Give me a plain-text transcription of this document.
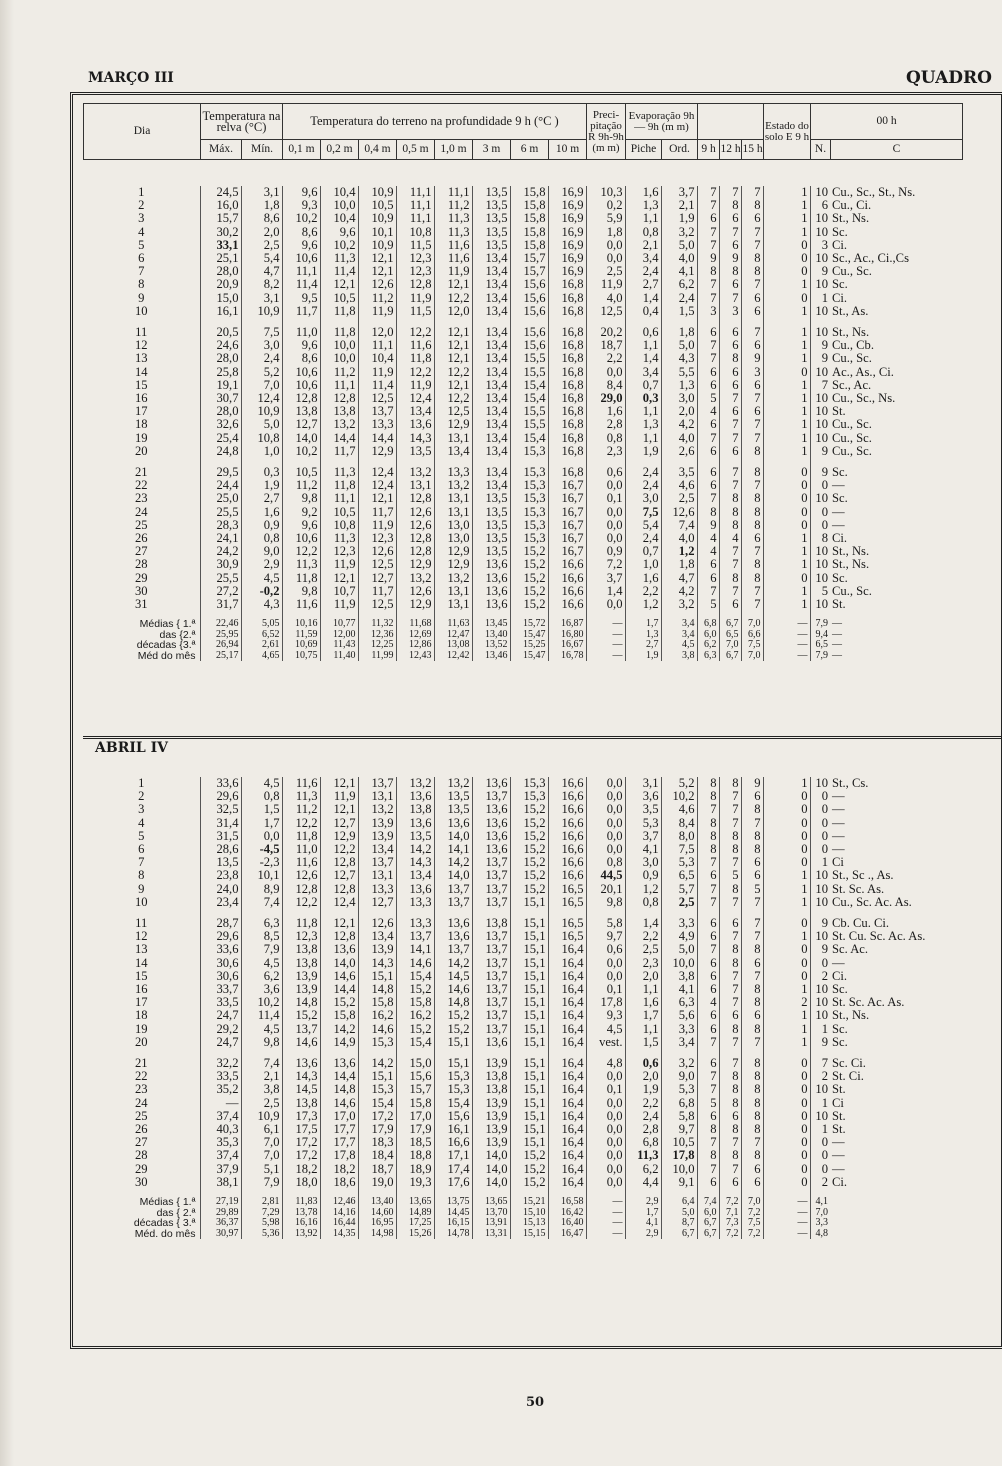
MARÇO III	QUADRO
Dia	Temperatura na relva (°C)		Temperatura do terreno na profundidade 9 h (°C )								Preci-pitação R 9h-9h (m m)	Evaporação 9h — 9h (m m)					Estado do solo E 9 h	00 h	
	Máx.	Mín.	0,1 m	0,2 m	0,4 m	0,5 m	1,0 m	3 m	6 m	10 m		Piche	Ord.	9 h	12 h	15 h		N.	C
1	24,5	3,1	9,6	10,4	10,9	11,1	11,1	13,5	15,8	16,9	10,3	1,6	3,7	7	7	7	1	10	Cu., Sc., St., Ns.
2	16,0	1,8	9,3	10,0	10,5	11,1	11,2	13,5	15,8	16,9	0,2	1,3	2,1	7	8	8	1	6	Cu., Ci.
3	15,7	8,6	10,2	10,4	10,9	11,1	11,3	13,5	15,8	16,9	5,9	1,1	1,9	6	6	6	1	10	St., Ns.
4	30,2	2,0	8,6	9,6	10,1	10,8	11,3	13,5	15,8	16,9	1,8	0,8	3,2	7	7	7	1	10	Sc.
5	33,1	2,5	9,6	10,2	10,9	11,5	11,6	13,5	15,8	16,9	0,0	2,1	5,0	7	6	7	0	3	Ci.
6	25,1	5,4	10,6	11,3	12,1	12,3	11,6	13,4	15,7	16,9	0,0	3,4	4,0	9	9	8	0	10	Sc., Ac., Ci.,Cs
7	28,0	4,7	11,1	11,4	12,1	12,3	11,9	13,4	15,7	16,9	2,5	2,4	4,1	8	8	8	0	9	Cu., Sc.
8	20,9	8,2	11,4	12,1	12,6	12,8	12,1	13,4	15,6	16,8	11,9	2,7	6,2	7	6	7	1	10	Sc.
9	15,0	3,1	9,5	10,5	11,2	11,9	12,2	13,4	15,6	16,8	4,0	1,4	2,4	7	7	6	0	1	Ci.
10	16,1	10,9	11,7	11,8	11,9	11,5	12,0	13,4	15,6	16,8	12,5	0,4	1,5	3	3	6	1	10	St., As.

11	20,5	7,5	11,0	11,8	12,0	12,2	12,1	13,4	15,6	16,8	20,2	0,6	1,8	6	6	7	1	10	St., Ns.
12	24,6	3,0	9,6	10,0	11,1	11,6	12,1	13,4	15,6	16,8	18,7	1,1	5,0	7	6	6	1	9	Cu., Cb.
13	28,0	2,4	8,6	10,0	10,4	11,8	12,1	13,4	15,5	16,8	2,2	1,4	4,3	7	8	9	1	9	Cu., Sc.
14	25,8	5,2	10,6	11,2	11,9	12,2	12,2	13,4	15,5	16,8	0,0	3,4	5,5	6	6	3	0	10	Ac., As., Ci.
15	19,1	7,0	10,6	11,1	11,4	11,9	12,1	13,4	15,4	16,8	8,4	0,7	1,3	6	6	6	1	7	Sc., Ac.
16	30,7	12,4	12,8	12,8	12,5	12,4	12,2	13,4	15,4	16,8	29,0	0,3	3,0	5	7	7	1	10	Cu., Sc., Ns.
17	28,0	10,9	13,8	13,8	13,7	13,4	12,5	13,4	15,5	16,8	1,6	1,1	2,0	4	6	6	1	10	St.
18	32,6	5,0	12,7	13,2	13,3	13,6	12,9	13,4	15,5	16,8	2,8	1,3	4,2	6	7	7	1	10	Cu., Sc.
19	25,4	10,8	14,0	14,4	14,4	14,3	13,1	13,4	15,4	16,8	0,8	1,1	4,0	7	7	7	1	10	Cu., Sc.
20	24,8	1,0	10,2	11,7	12,9	13,5	13,4	13,4	15,3	16,8	2,3	1,9	2,6	6	6	8	1	9	Cu., Sc.

21	29,5	0,3	10,5	11,3	12,4	13,2	13,3	13,4	15,3	16,8	0,6	2,4	3,5	6	7	8	0	9	Sc.
22	24,4	1,9	11,2	11,8	12,4	13,1	13,2	13,4	15,3	16,7	0,0	2,4	4,6	6	7	7	0	0	—
23	25,0	2,7	9,8	11,1	12,1	12,8	13,1	13,5	15,3	16,7	0,1	3,0	2,5	7	8	8	0	10	Sc.
24	25,5	1,6	9,2	10,5	11,7	12,6	13,1	13,5	15,3	16,7	0,0	7,5	12,6	8	8	8	0	0	—
25	28,3	0,9	9,6	10,8	11,9	12,6	13,0	13,5	15,3	16,7	0,0	5,4	7,4	9	8	8	0	0	—
26	24,1	0,8	10,6	11,3	12,3	12,8	13,0	13,5	15,3	16,7	0,0	2,4	4,0	4	4	6	1	8	Ci.
27	24,2	9,0	12,2	12,3	12,6	12,8	12,9	13,5	15,2	16,7	0,9	0,7	1,2	4	7	7	1	10	St., Ns.
28	30,9	2,9	11,3	11,9	12,5	12,9	12,9	13,6	15,2	16,6	7,2	1,0	1,8	6	7	8	1	10	St., Ns.
29	25,5	4,5	11,8	12,1	12,7	13,2	13,2	13,6	15,2	16,6	3,7	1,6	4,7	6	8	8	0	10	Sc.
30	27,2	-0,2	9,8	10,7	11,7	12,6	13,1	13,6	15,2	16,6	1,4	2,2	4,2	7	7	7	1	5	Cu., Sc.
31	31,7	4,3	11,6	11,9	12,5	12,9	13,1	13,6	15,2	16,6	0,0	1,2	3,2	5	6	7	1	10	St.

Médias { 1.ª	22,46	5,05	10,16	10,77	11,32	11,68	11,63	13,45	15,72	16,87	—	1,7	3,4	6,8	6,7	7,0	—	7,9	—
das {2.ª	25,95	6,52	11,59	12,00	12,36	12,69	12,47	13,40	15,47	16,80	—	1,3	3,4	6,0	6,5	6,6	—	9,4	—
décadas {3.ª	26,94	2,61	10,69	11,43	12,25	12,86	13,08	13,52	15,25	16,67	—	2,7	4,5	6,2	7,0	7,5	—	6,5	—
Méd do mês	25,17	4,65	10,75	11,40	11,99	12,43	12,42	13,46	15,47	16,78	—	1,9	3,8	6,3	6,7	7,0	—	7,9	—
ABRIL IV
1	33,6	4,5	11,6	12,1	13,7	13,2	13,2	13,6	15,3	16,6	0,0	3,1	5,2	8	8	9	1	10	St., Cs.
2	29,6	0,8	11,3	11,9	13,1	13,6	13,5	13,7	15,3	16,6	0,0	3,6	10,2	8	7	6	0	0	—
3	32,5	1,5	11,2	12,1	13,2	13,8	13,5	13,6	15,2	16,6	0,0	3,5	4,6	7	7	8	0	0	—
4	31,4	1,7	12,2	12,7	13,9	13,6	13,6	13,6	15,2	16,6	0,0	5,3	8,4	8	7	7	0	0	—
5	31,5	0,0	11,8	12,9	13,9	13,5	14,0	13,6	15,2	16,6	0,0	3,7	8,0	8	8	8	0	0	—
6	28,6	-4,5	11,0	12,2	13,4	14,2	14,1	13,6	15,2	16,6	0,0	4,1	7,5	8	8	8	0	0	—
7	13,5	-2,3	11,6	12,8	13,7	14,3	14,2	13,7	15,2	16,6	0,8	3,0	5,3	7	7	6	0	1	Ci
8	23,8	10,1	12,6	12,7	13,1	13,4	14,0	13,7	15,2	16,6	44,5	0,9	6,5	6	5	6	1	10	St., Sc ., As.
9	24,0	8,9	12,8	12,8	13,3	13,6	13,7	13,7	15,2	16,5	20,1	1,2	5,7	7	8	5	1	10	St. Sc. As.
10	23,4	7,4	12,2	12,4	12,7	13,3	13,7	13,7	15,1	16,5	9,8	0,8	2,5	7	7	7	1	10	Cu., Sc. Ac. As.

11	28,7	6,3	11,8	12,1	12,6	13,3	13,6	13,8	15,1	16,5	5,8	1,4	3,3	6	6	7	0	9	Cb. Cu. Ci.
12	29,6	8,5	12,3	12,8	13,4	13,7	13,6	13,7	15,1	16,5	9,7	2,2	4,9	6	7	7	1	10	St. Cu. Sc. Ac. As.
13	33,6	7,9	13,8	13,6	13,9	14,1	13,7	13,7	15,1	16,4	0,6	2,5	5,0	7	8	8	0	9	Sc. Ac.
14	30,6	4,5	13,8	14,0	14,3	14,6	14,2	13,7	15,1	16,4	0,0	2,3	10,0	6	8	6	0	0	—
15	30,6	6,2	13,9	14,6	15,1	15,4	14,5	13,7	15,1	16,4	0,0	2,0	3,8	6	7	7	0	2	Ci.
16	33,7	3,6	13,9	14,4	14,8	15,2	14,6	13,7	15,1	16,4	0,1	1,1	4,1	6	7	8	1	10	Sc.
17	33,5	10,2	14,8	15,2	15,8	15,8	14,8	13,7	15,1	16,4	17,8	1,6	6,3	4	7	8	2	10	St. Sc. Ac. As.
18	24,7	11,4	15,2	15,8	16,2	16,2	15,2	13,7	15,1	16,4	9,3	1,7	5,6	6	6	6	1	10	St., Ns.
19	29,2	4,5	13,7	14,2	14,6	15,2	15,2	13,7	15,1	16,4	4,5	1,1	3,3	6	8	8	1	1	Sc.
20	24,7	9,8	14,6	14,9	15,3	15,4	15,1	13,6	15,1	16,4	vest.	1,5	3,4	7	7	7	1	9	Sc.

21	32,2	7,4	13,6	13,6	14,2	15,0	15,1	13,9	15,1	16,4	4,8	0,6	3,2	6	7	8	0	7	Sc. Ci.
22	33,5	2,1	14,3	14,4	15,1	15,6	15,3	13,8	15,1	16,4	0,0	2,0	9,0	7	8	8	0	2	St. Ci.
23	35,2	3,8	14,5	14,8	15,3	15,7	15,3	13,8	15,1	16,4	0,1	1,9	5,3	7	8	8	0	10	St.
24	—	2,5	13,8	14,6	15,4	15,8	15,4	13,9	15,1	16,4	0,0	2,2	6,8	5	8	8	0	1	Ci
25	37,4	10,9	17,3	17,0	17,2	17,0	15,6	13,9	15,1	16,4	0,0	2,4	5,8	6	6	8	0	10	St.
26	40,3	6,1	17,5	17,7	17,9	17,9	16,1	13,9	15,1	16,4	0,0	2,8	9,7	8	8	8	0	1	St.
27	35,3	7,0	17,2	17,7	18,3	18,5	16,6	13,9	15,1	16,4	0,0	6,8	10,5	7	7	7	0	0	—
28	37,4	7,0	17,2	17,8	18,4	18,8	17,1	14,0	15,2	16,4	0,0	11,3	17,8	8	8	8	0	0	—
29	37,9	5,1	18,2	18,2	18,7	18,9	17,4	14,0	15,2	16,4	0,0	6,2	10,0	7	7	6	0	0	—
30	38,1	7,9	18,0	18,6	19,0	19,3	17,6	14,0	15,2	16,4	0,0	4,4	9,1	6	6	6	0	2	Ci.

Médias { 1.ª	27,19	2,81	11,83	12,46	13,40	13,65	13,75	13,65	15,21	16,58	—	2,9	6,4	7,4	7,2	7,0	—	4,1	
das { 2.ª	29,89	7,29	13,78	14,16	14,60	14,89	14,45	13,70	15,10	16,42	—	1,7	5,0	6,0	7,1	7,2	—	7,0	
décadas { 3.ª	36,37	5,98	16,16	16,44	16,95	17,25	16,15	13,91	15,13	16,40	—	4,1	8,7	6,7	7,3	7,5	—	3,3	
Méd. do mês	30,97	5,36	13,92	14,35	14,98	15,26	14,78	13,31	15,15	16,47	—	2,9	6,7	6,7	7,2	7,2	—	4,8	
50
